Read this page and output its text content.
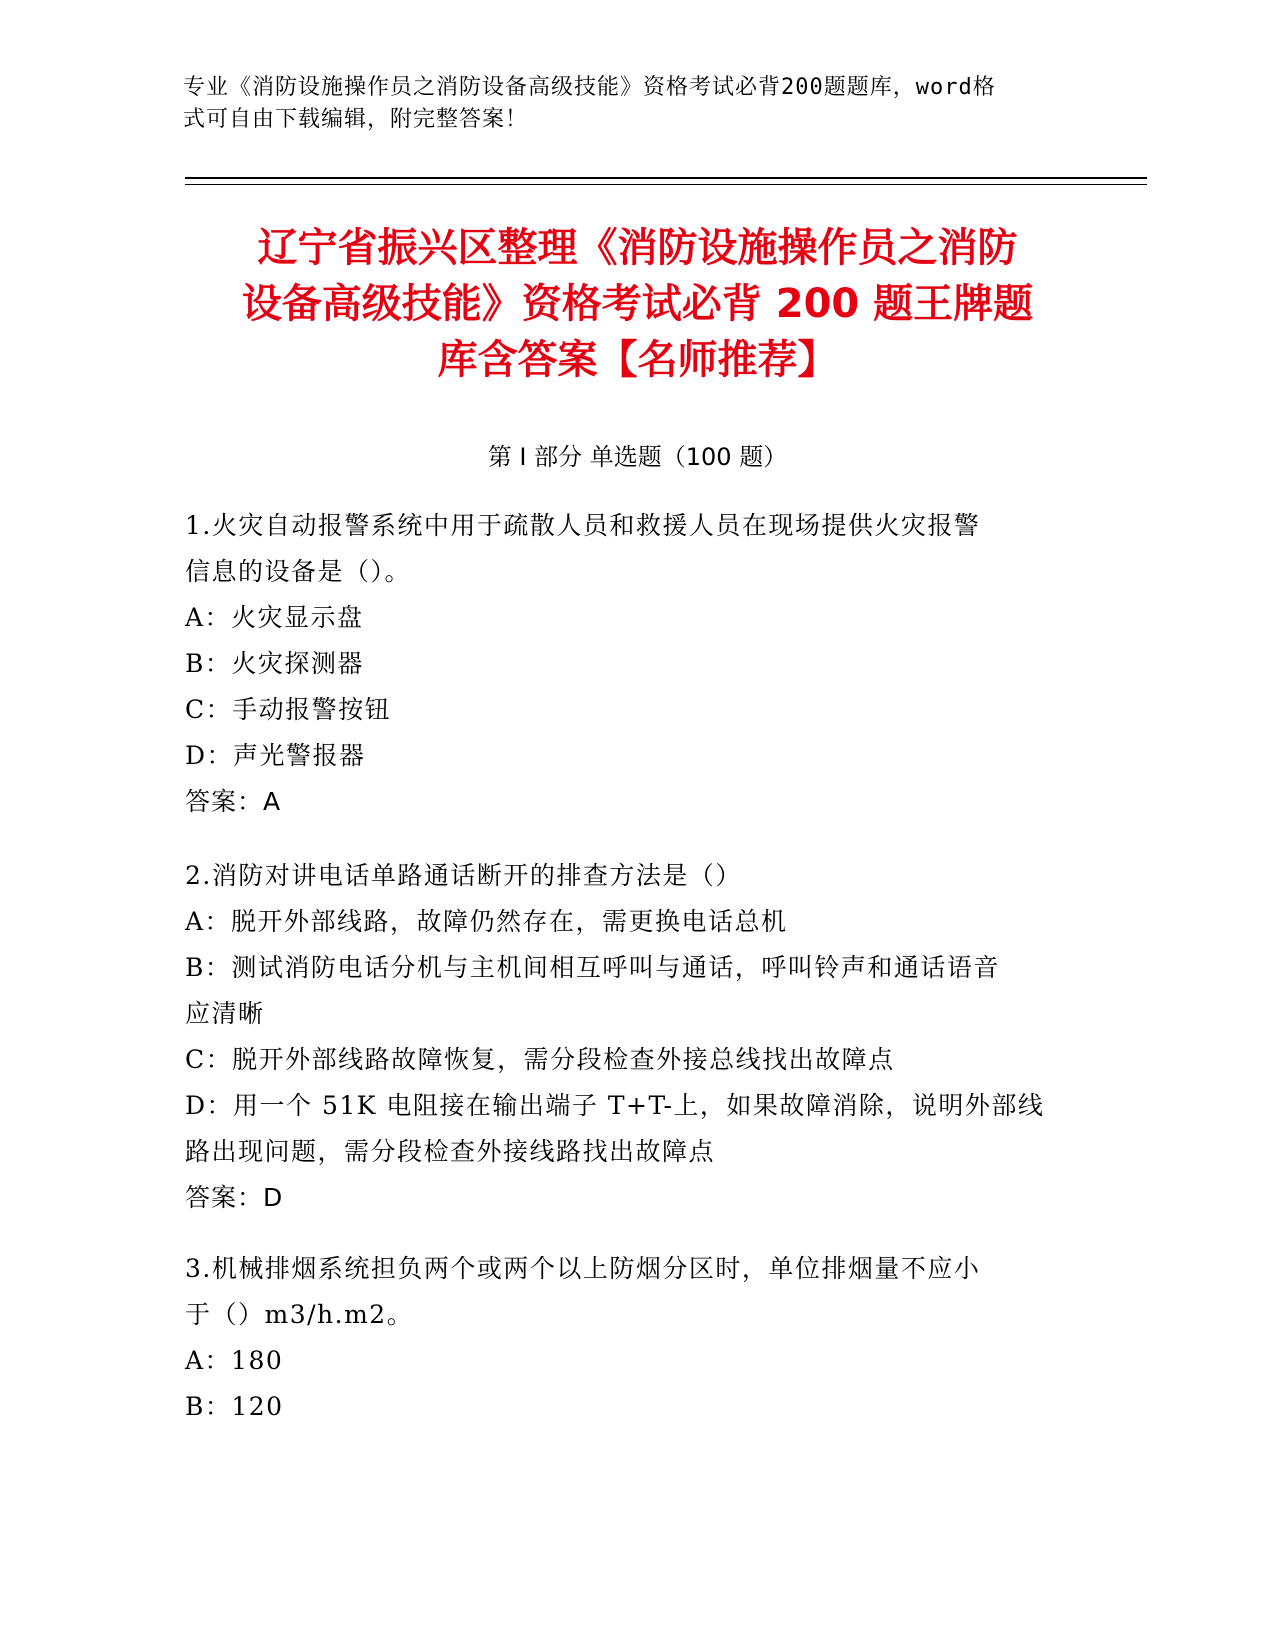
专业《消防设施操作员之消防设备高级技能》资格考试必背200题题库，word格
式可自由下载编辑，附完整答案！
辽宁省振兴区整理《消防设施操作员之消防
设备高级技能》资格考试必背 200 题王牌题
库含答案【名师推荐】
第 I 部分 单选题（100 题）
1.火灾自动报警系统中用于疏散人员和救援人员在现场提供火灾报警
信息的设备是（）。
A：火灾显示盘
B：火灾探测器
C：手动报警按钮
D：声光警报器
答案：A
2.消防对讲电话单路通话断开的排查方法是（）
A：脱开外部线路，故障仍然存在，需更换电话总机
B：测试消防电话分机与主机间相互呼叫与通话，呼叫铃声和通话语音
应清晰
C：脱开外部线路故障恢复，需分段检查外接总线找出故障点
D：用一个 51K 电阻接在输出端子 T+T-上，如果故障消除，说明外部线
路出现问题，需分段检查外接线路找出故障点
答案：D
3.机械排烟系统担负两个或两个以上防烟分区时，单位排烟量不应小
于（）m3/h.m2。
A：180
B：120
